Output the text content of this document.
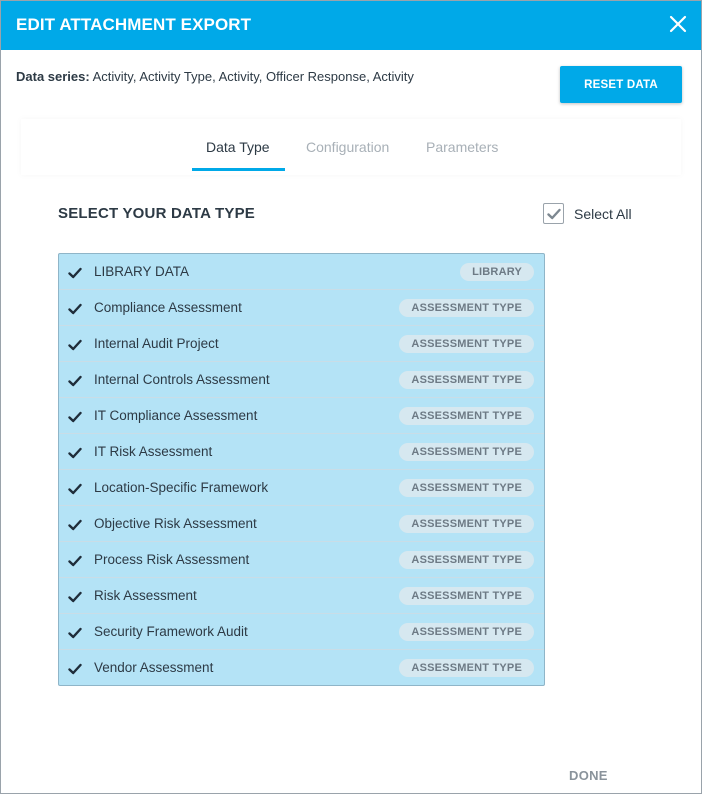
EDIT ATTACHMENT EXPORT
Data series: Activity, Activity Type, Activity, Officer Response, Activity
RESET DATA
Data Type	Configuration	Parameters
SELECT YOUR DATA TYPE	Select All
LIBRARY DATA	LIBRARY
Compliance Assessment	ASSESSMENT TYPE
Internal Audit Project	ASSESSMENT TYPE
Internal Controls Assessment	ASSESSMENT TYPE
IT Compliance Assessment	ASSESSMENT TYPE
IT Risk Assessment	ASSESSMENT TYPE
Location-Specific Framework	ASSESSMENT TYPE
Objective Risk Assessment	ASSESSMENT TYPE
Process Risk Assessment	ASSESSMENT TYPE
Risk Assessment	ASSESSMENT TYPE
Security Framework Audit	ASSESSMENT TYPE
Vendor Assessment	ASSESSMENT TYPE
DONE
